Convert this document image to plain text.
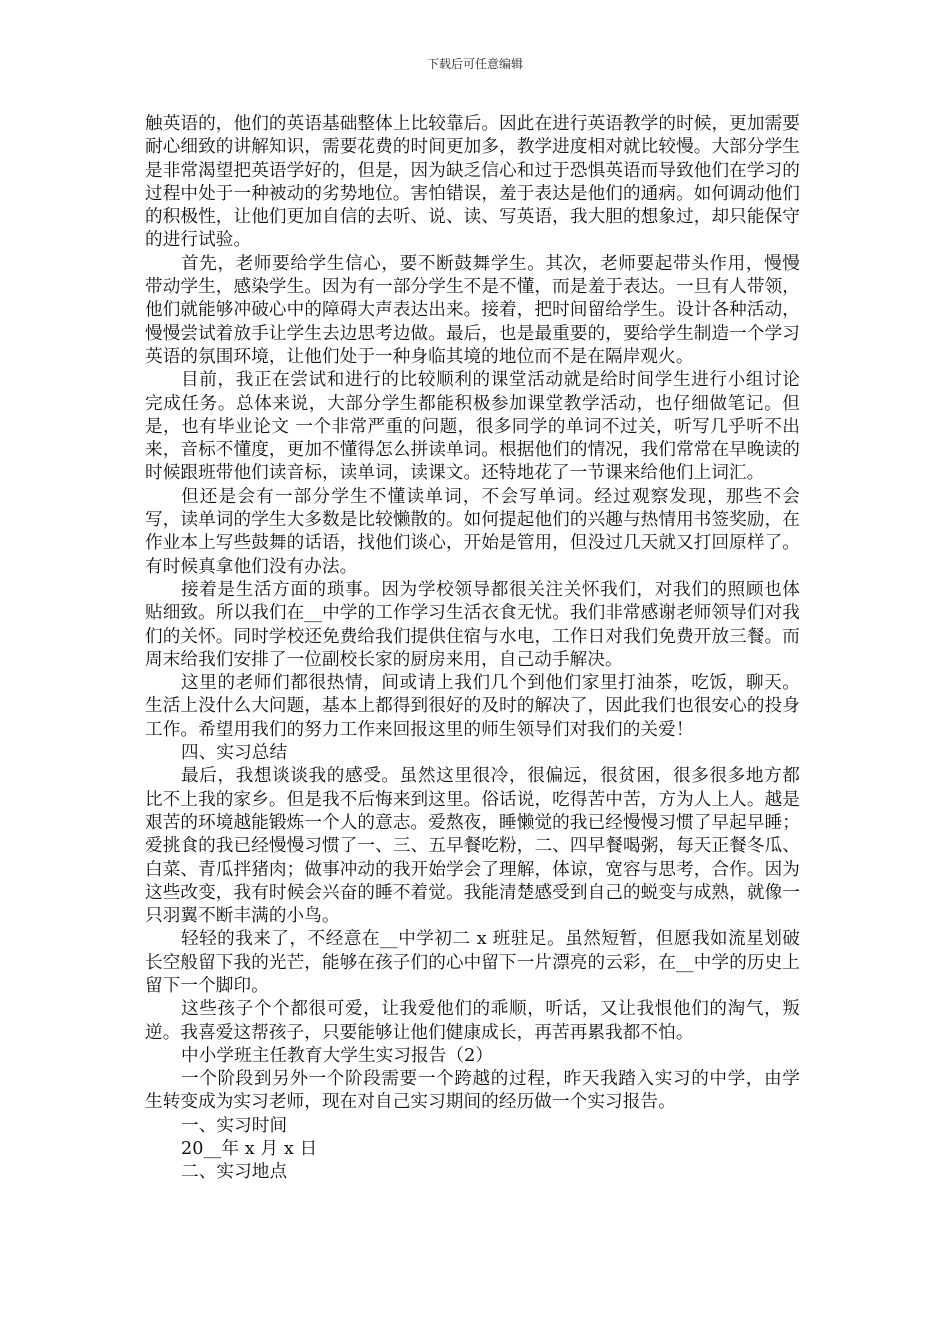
下载后可任意编辑

触英语的，他们的英语基础整体上比较靠后。因此在进行英语教学的时候，更加需要耐心细致的讲解知识，需要花费的时间更加多，教学进度相对就比较慢。大部分学生是非常渴望把英语学好的，但是，因为缺乏信心和过于恐惧英语而导致他们在学习的过程中处于一种被动的劣势地位。害怕错误，羞于表达是他们的通病。如何调动他们的积极性，让他们更加自信的去听、说、读、写英语，我大胆的想象过，却只能保守的进行试验。

首先，老师要给学生信心，要不断鼓舞学生。其次，老师要起带头作用，慢慢带动学生，感染学生。因为有一部分学生不是不懂，而是羞于表达。一旦有人带领，他们就能够冲破心中的障碍大声表达出来。接着，把时间留给学生。设计各种活动，慢慢尝试着放手让学生去边思考边做。最后，也是最重要的，要给学生制造一个学习英语的氛围环境，让他们处于一种身临其境的地位而不是在隔岸观火。

目前，我正在尝试和进行的比较顺利的课堂活动就是给时间学生进行小组讨论完成任务。总体来说，大部分学生都能积极参加课堂教学活动，也仔细做笔记。但是，也有毕业论文 一个非常严重的问题，很多同学的单词不过关，听写几乎听不出来，音标不懂度，更加不懂得怎么拼读单词。根据他们的情况，我们常常在早晚读的时候跟班带他们读音标，读单词，读课文。还特地花了一节课来给他们上词汇。

但还是会有一部分学生不懂读单词，不会写单词。经过观察发现，那些不会写，读单词的学生大多数是比较懒散的。如何提起他们的兴趣与热情用书签奖励，在作业本上写些鼓舞的话语，找他们谈心，开始是管用，但没过几天就又打回原样了。有时候真拿他们没有办法。

接着是生活方面的琐事。因为学校领导都很关注关怀我们，对我们的照顾也体贴细致。所以我们在__中学的工作学习生活衣食无忧。我们非常感谢老师领导们对我们的关怀。同时学校还免费给我们提供住宿与水电，工作日对我们免费开放三餐。而周末给我们安排了一位副校长家的厨房来用，自己动手解决。

这里的老师们都很热情，间或请上我们几个到他们家里打油茶，吃饭，聊天。生活上没什么大问题，基本上都得到很好的及时的解决了，因此我们也很安心的投身工作。希望用我们的努力工作来回报这里的师生领导们对我们的关爱！

四、实习总结

最后，我想谈谈我的感受。虽然这里很冷，很偏远，很贫困，很多很多地方都比不上我的家乡。但是我不后悔来到这里。俗话说，吃得苦中苦，方为人上人。越是艰苦的环境越能锻炼一个人的意志。爱熬夜，睡懒觉的我已经慢慢习惯了早起早睡；爱挑食的我已经慢慢习惯了一、三、五早餐吃粉，二、四早餐喝粥，每天正餐冬瓜、白菜、青瓜拌猪肉；做事冲动的我开始学会了理解，体谅，宽容与思考，合作。因为这些改变，我有时候会兴奋的睡不着觉。我能清楚感受到自己的蜕变与成熟，就像一只羽翼不断丰满的小鸟。

轻轻的我来了，不经意在__中学初二 x 班驻足。虽然短暂，但愿我如流星划破长空般留下我的光芒，能够在孩子们的心中留下一片漂亮的云彩，在__中学的历史上留下一个脚印。

这些孩子个个都很可爱，让我爱他们的乖顺，听话，又让我恨他们的淘气，叛逆。我喜爱这帮孩子，只要能够让他们健康成长，再苦再累我都不怕。

中小学班主任教育大学生实习报告（2）

一个阶段到另外一个阶段需要一个跨越的过程，昨天我踏入实习的中学，由学生转变成为实习老师，现在对自己实习期间的经历做一个实习报告。

一、实习时间

20__年 x 月 x 日

二、实习地点
